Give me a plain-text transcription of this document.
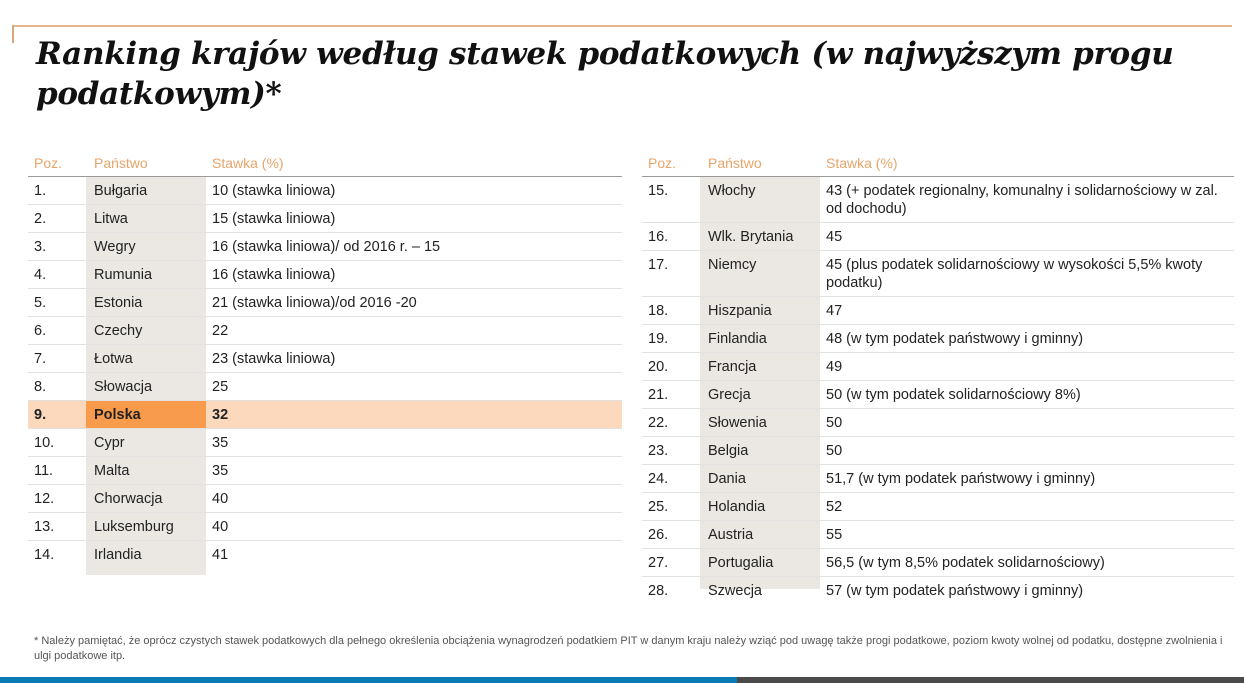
Ranking krajów według stawek podatkowych (w najwyższym progu podatkowym)*
Poz.	Państwo	Stawka (%)
1.	Bułgaria	10 (stawka liniowa)
2.	Litwa	15 (stawka liniowa)
3.	Wegry	16 (stawka liniowa)/ od 2016 r. – 15
4.	Rumunia	16 (stawka liniowa)
5.	Estonia	21 (stawka liniowa)/od 2016 -20
6.	Czechy	22
7.	Łotwa	23 (stawka liniowa)
8.	Słowacja	25
9.	Polska	32
10.	Cypr	35
11.	Malta	35
12.	Chorwacja	40
13.	Luksemburg	40
14.	Irlandia	41
Poz.	Państwo	Stawka (%)
15.	Włochy	43 (+ podatek regionalny, komunalny i solidarnościowy w zal. od dochodu)
16.	Wlk. Brytania	45
17.	Niemcy	45 (plus podatek solidarnościowy w wysokości 5,5% kwoty podatku)
18.	Hiszpania	47
19.	Finlandia	48 (w tym podatek państwowy i gminny)
20.	Francja	49
21.	Grecja	50 (w tym podatek solidarnościowy 8%)
22.	Słowenia	50
23.	Belgia	50
24.	Dania	51,7 (w tym podatek państwowy i gminny)
25.	Holandia	52
26.	Austria	55
27.	Portugalia	56,5 (w tym 8,5% podatek solidarnościowy)
28.	Szwecja	57 (w tym podatek państwowy i gminny)
* Należy pamiętać, że oprócz czystych stawek podatkowych dla pełnego określenia obciążenia wynagrodzeń podatkiem PIT w danym kraju należy wziąć pod uwagę także progi podatkowe, poziom kwoty wolnej od podatku, dostępne zwolnienia i ulgi podatkowe itp.
